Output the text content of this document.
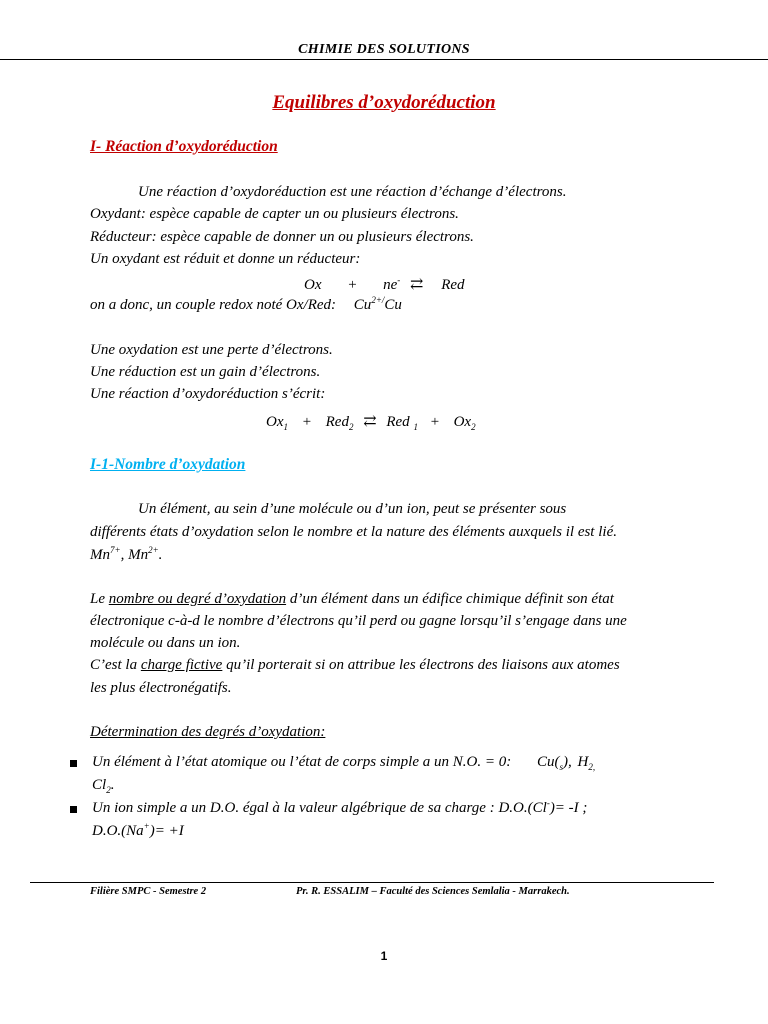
CHIMIE DES SOLUTIONS
Equilibres d’oxydoréduction
I- Réaction d’oxydoréduction
Une réaction d’oxydoréduction est une réaction d’échange d’électrons.
Oxydant: espèce capable de capter un ou plusieurs électrons.
Réducteur: espèce capable de donner un ou plusieurs électrons.
Un oxydant est réduit et donne un réducteur:
Ox + ne- ⇄ Red
on a donc, un couple redox noté Ox/Red: $Cu^{2+/}Cu$
Une oxydation est une perte d’électrons.
Une réduction est un gain d’électrons.
Une réaction d’oxydoréduction s’écrit:
$Ox_1 + Red_2$ ⇄ Red $_1 + Ox_2$
I-1-Nombre d’oxydation
Un élément, au sein d’une molécule ou d’un ion, peut se présenter sous
différents états d’oxydation selon le nombre et la nature des éléments auxquels il est lié.
$Mn^{7+}$, $Mn^{2+}$.
Le nombre ou degré d’oxydation d’un élément dans un édifice chimique définit son état
électronique c-à-d le nombre d’électrons qu’il perd ou gagne lorsqu’il s’engage dans une
molécule ou dans un ion.
C’est la charge fictive qu’il porterait si on attribue les électrons des liaisons aux atomes
les plus électronégatifs.
Détermination des degrés d’oxydation:
Un élément à l’état atomique ou l’état de corps simple a un N.O. = 0: $Cu(_s)$, $H_{2,}$
$Cl_2$.
Un ion simple a un D.O. égal à la valeur algébrique de sa charge : D.O.(Cl-)= -I ;
D.O.(Na+)= +I
Filière SMPC - Semestre 2	Pr. R. ESSALIM – Faculté des Sciences Semlalia - Marrakech.
1
